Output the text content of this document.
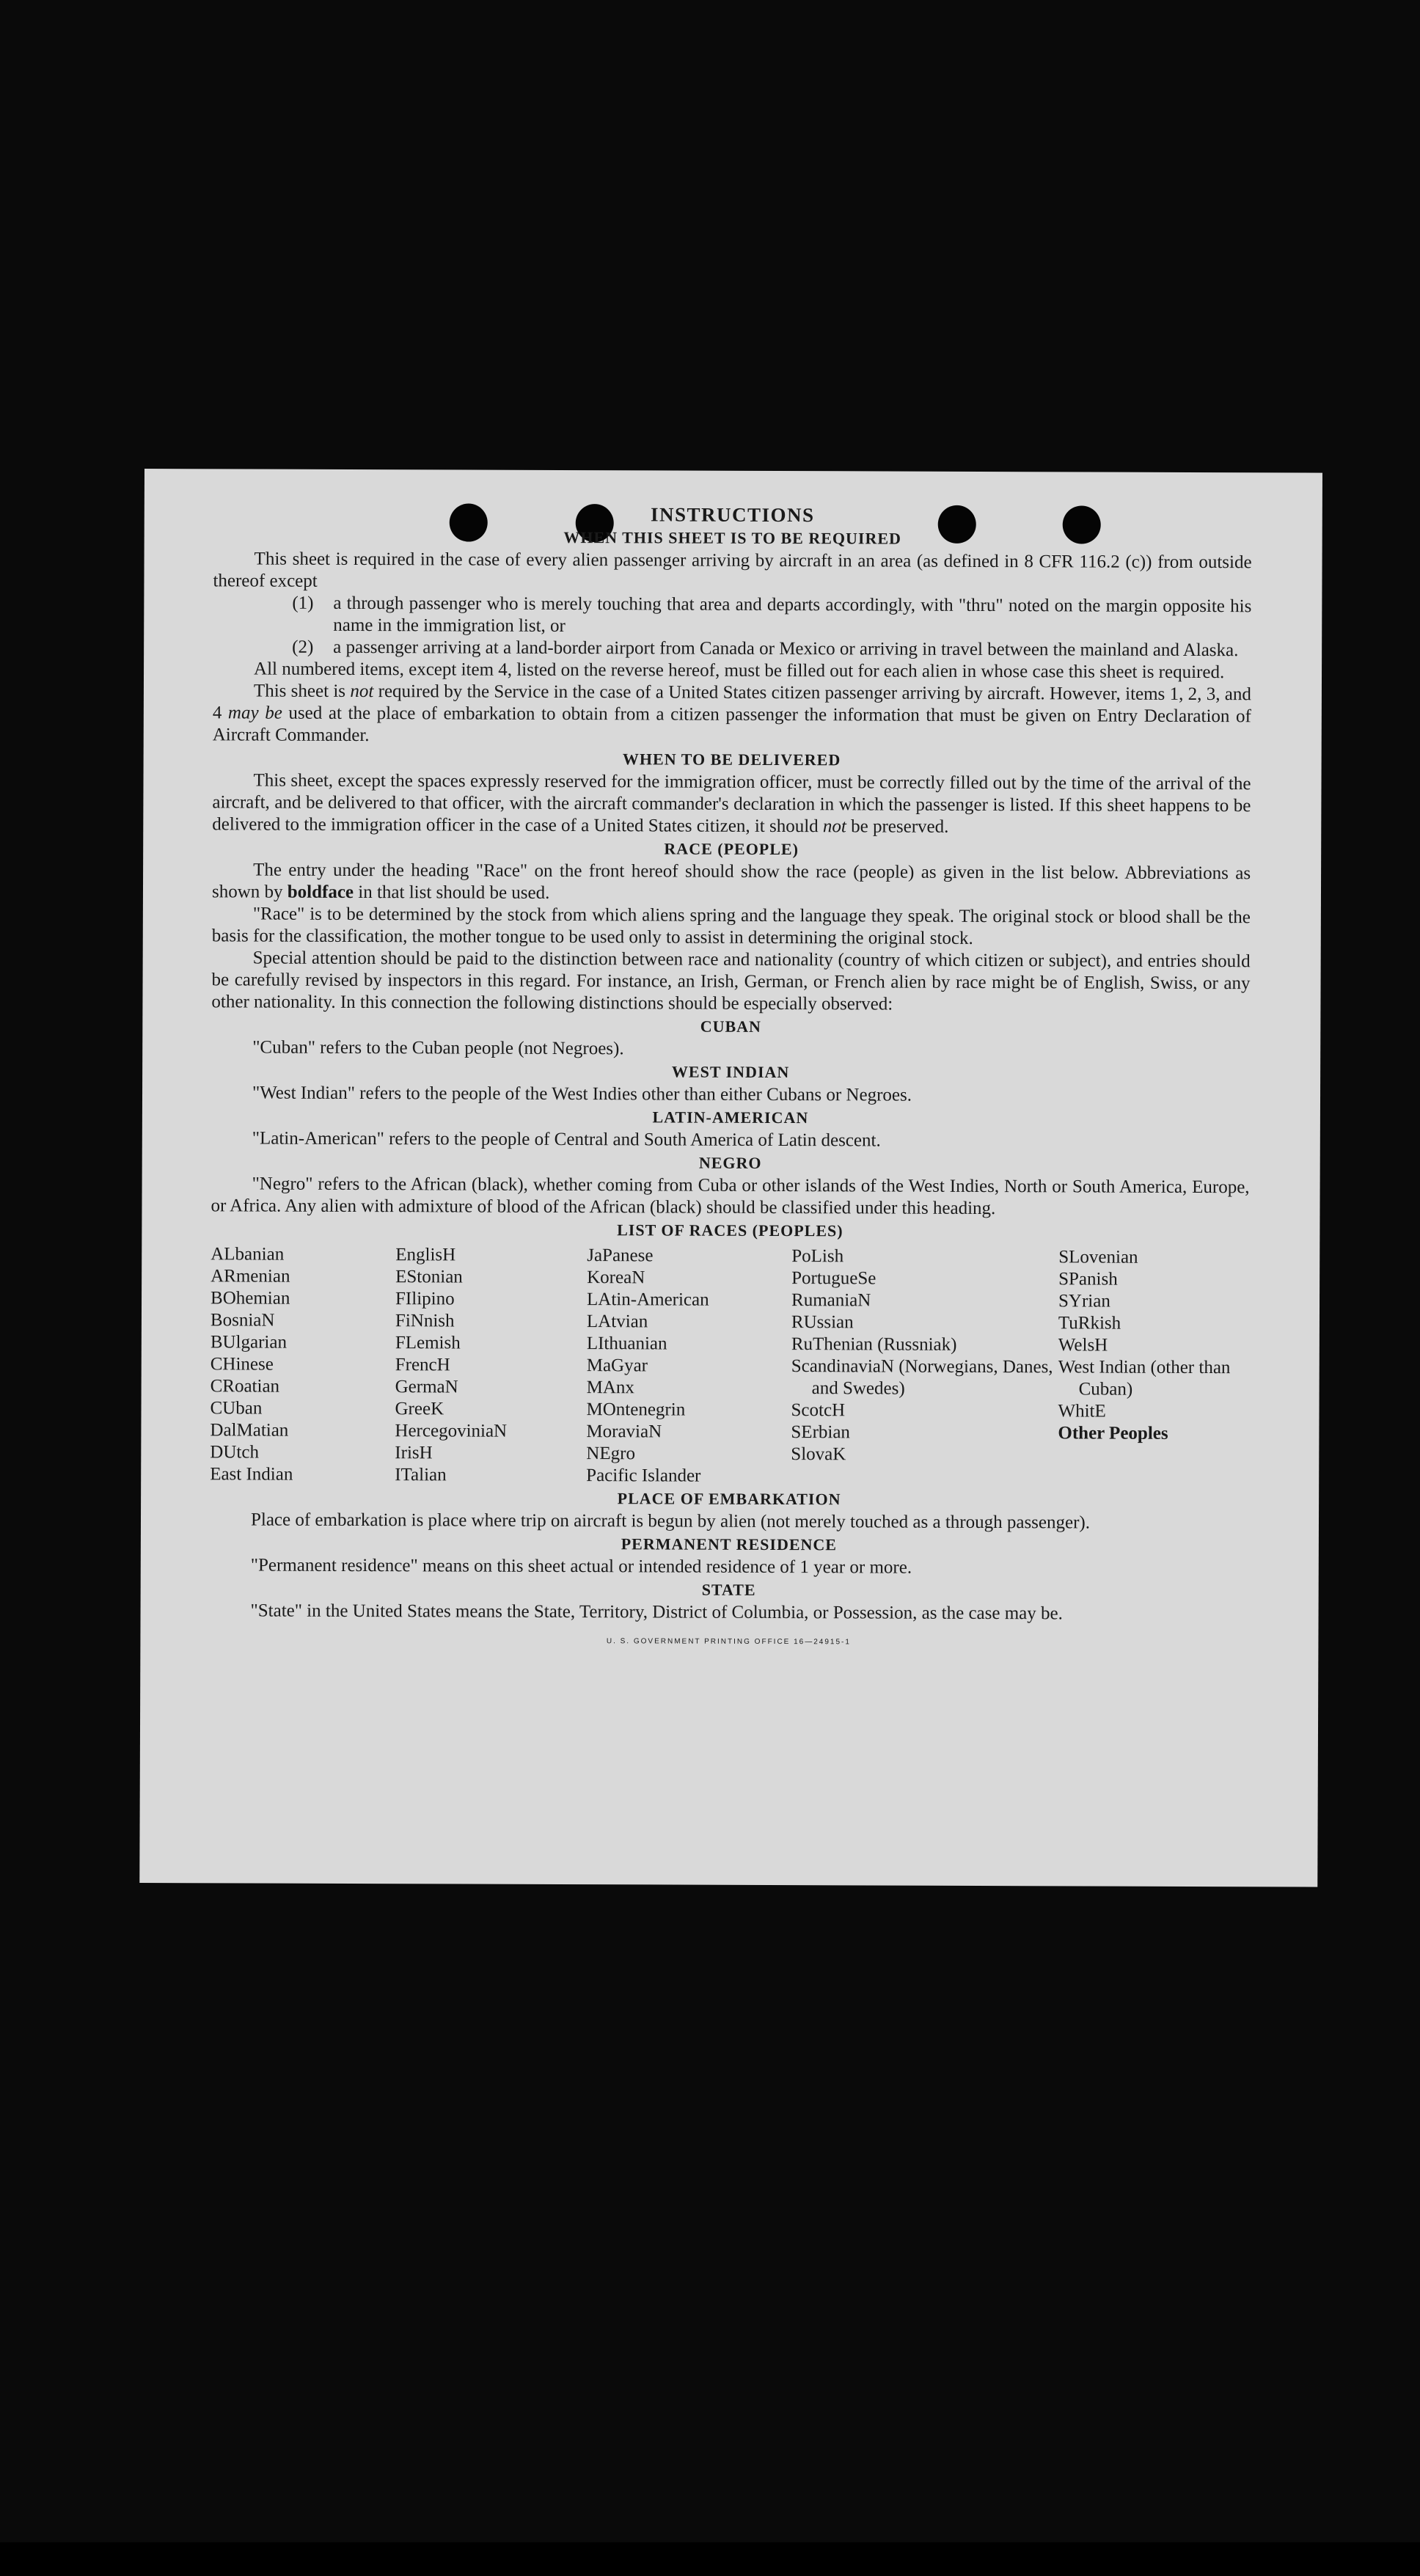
INSTRUCTIONS
WHEN THIS SHEET IS TO BE REQUIRED

This sheet is required in the case of every alien passenger arriving by aircraft in an area (as defined in 8 CFR 116.2 (c)) from outside thereof except

(1)	a through passenger who is merely touching that area and departs accordingly, with "thru" noted on the margin opposite his name in the immigration list, or
(2)	a passenger arriving at a land-border airport from Canada or Mexico or arriving in travel between the mainland and Alaska.

All numbered items, except item 4, listed on the reverse hereof, must be filled out for each alien in whose case this sheet is required.

This sheet is not required by the Service in the case of a United States citizen passenger arriving by aircraft. However, items 1, 2, 3, and 4 may be used at the place of embarkation to obtain from a citizen passenger the information that must be given on Entry Declaration of Aircraft Commander.

WHEN TO BE DELIVERED

This sheet, except the spaces expressly reserved for the immigration officer, must be correctly filled out by the time of the arrival of the aircraft, and be delivered to that officer, with the aircraft commander's declaration in which the passenger is listed. If this sheet happens to be delivered to the immigration officer in the case of a United States citizen, it should not be preserved.

RACE (PEOPLE)

The entry under the heading "Race" on the front hereof should show the race (people) as given in the list below. Abbreviations as shown by boldface in that list should be used.

"Race" is to be determined by the stock from which aliens spring and the language they speak. The original stock or blood shall be the basis for the classification, the mother tongue to be used only to assist in determining the original stock.

Special attention should be paid to the distinction between race and nationality (country of which citizen or subject), and entries should be carefully revised by inspectors in this regard. For instance, an Irish, German, or French alien by race might be of English, Swiss, or any other nationality. In this connection the following distinctions should be especially observed:

CUBAN

"Cuban" refers to the Cuban people (not Negroes).

WEST INDIAN

"West Indian" refers to the people of the West Indies other than either Cubans or Negroes.

LATIN-AMERICAN

"Latin-American" refers to the people of Central and South America of Latin descent.

NEGRO

"Negro" refers to the African (black), whether coming from Cuba or other islands of the West Indies, North or South America, Europe, or Africa. Any alien with admixture of blood of the African (black) should be classified under this heading.

LIST OF RACES (PEOPLES)
ALbanian
ARmenian
BOhemian
BosniaN
BUlgarian
CHinese
CRoatian
CUban
DalMatian
DUtch
East Indian
EnglisH
EStonian
FIlipino
FiNnish
FLemish
FrencH
GermaN
GreeK
HercegoviniaN
IrisH
ITalian
JaPanese
KoreaN
LAtin-American
LAtvian
LIthuanian
MaGyar
MAnx
MOntenegrin
MoraviaN
NEgro
Pacific Islander
PoLish
PortugueSe
RumaniaN
RUssian
RuThenian (Russniak)
ScandinaviaN (Norwegians, Danes, and Swedes)
ScotcH
SErbian
SlovaK
SLovenian
SPanish
SYrian
TuRkish
WelsH
West Indian (other than Cuban)
WhitE
Other Peoples
PLACE OF EMBARKATION

Place of embarkation is place where trip on aircraft is begun by alien (not merely touched as a through passenger).

PERMANENT RESIDENCE

"Permanent residence" means on this sheet actual or intended residence of 1 year or more.

STATE

"State" in the United States means the State, Territory, District of Columbia, or Possession, as the case may be.

U. S. GOVERNMENT PRINTING OFFICE 16—24915-1
